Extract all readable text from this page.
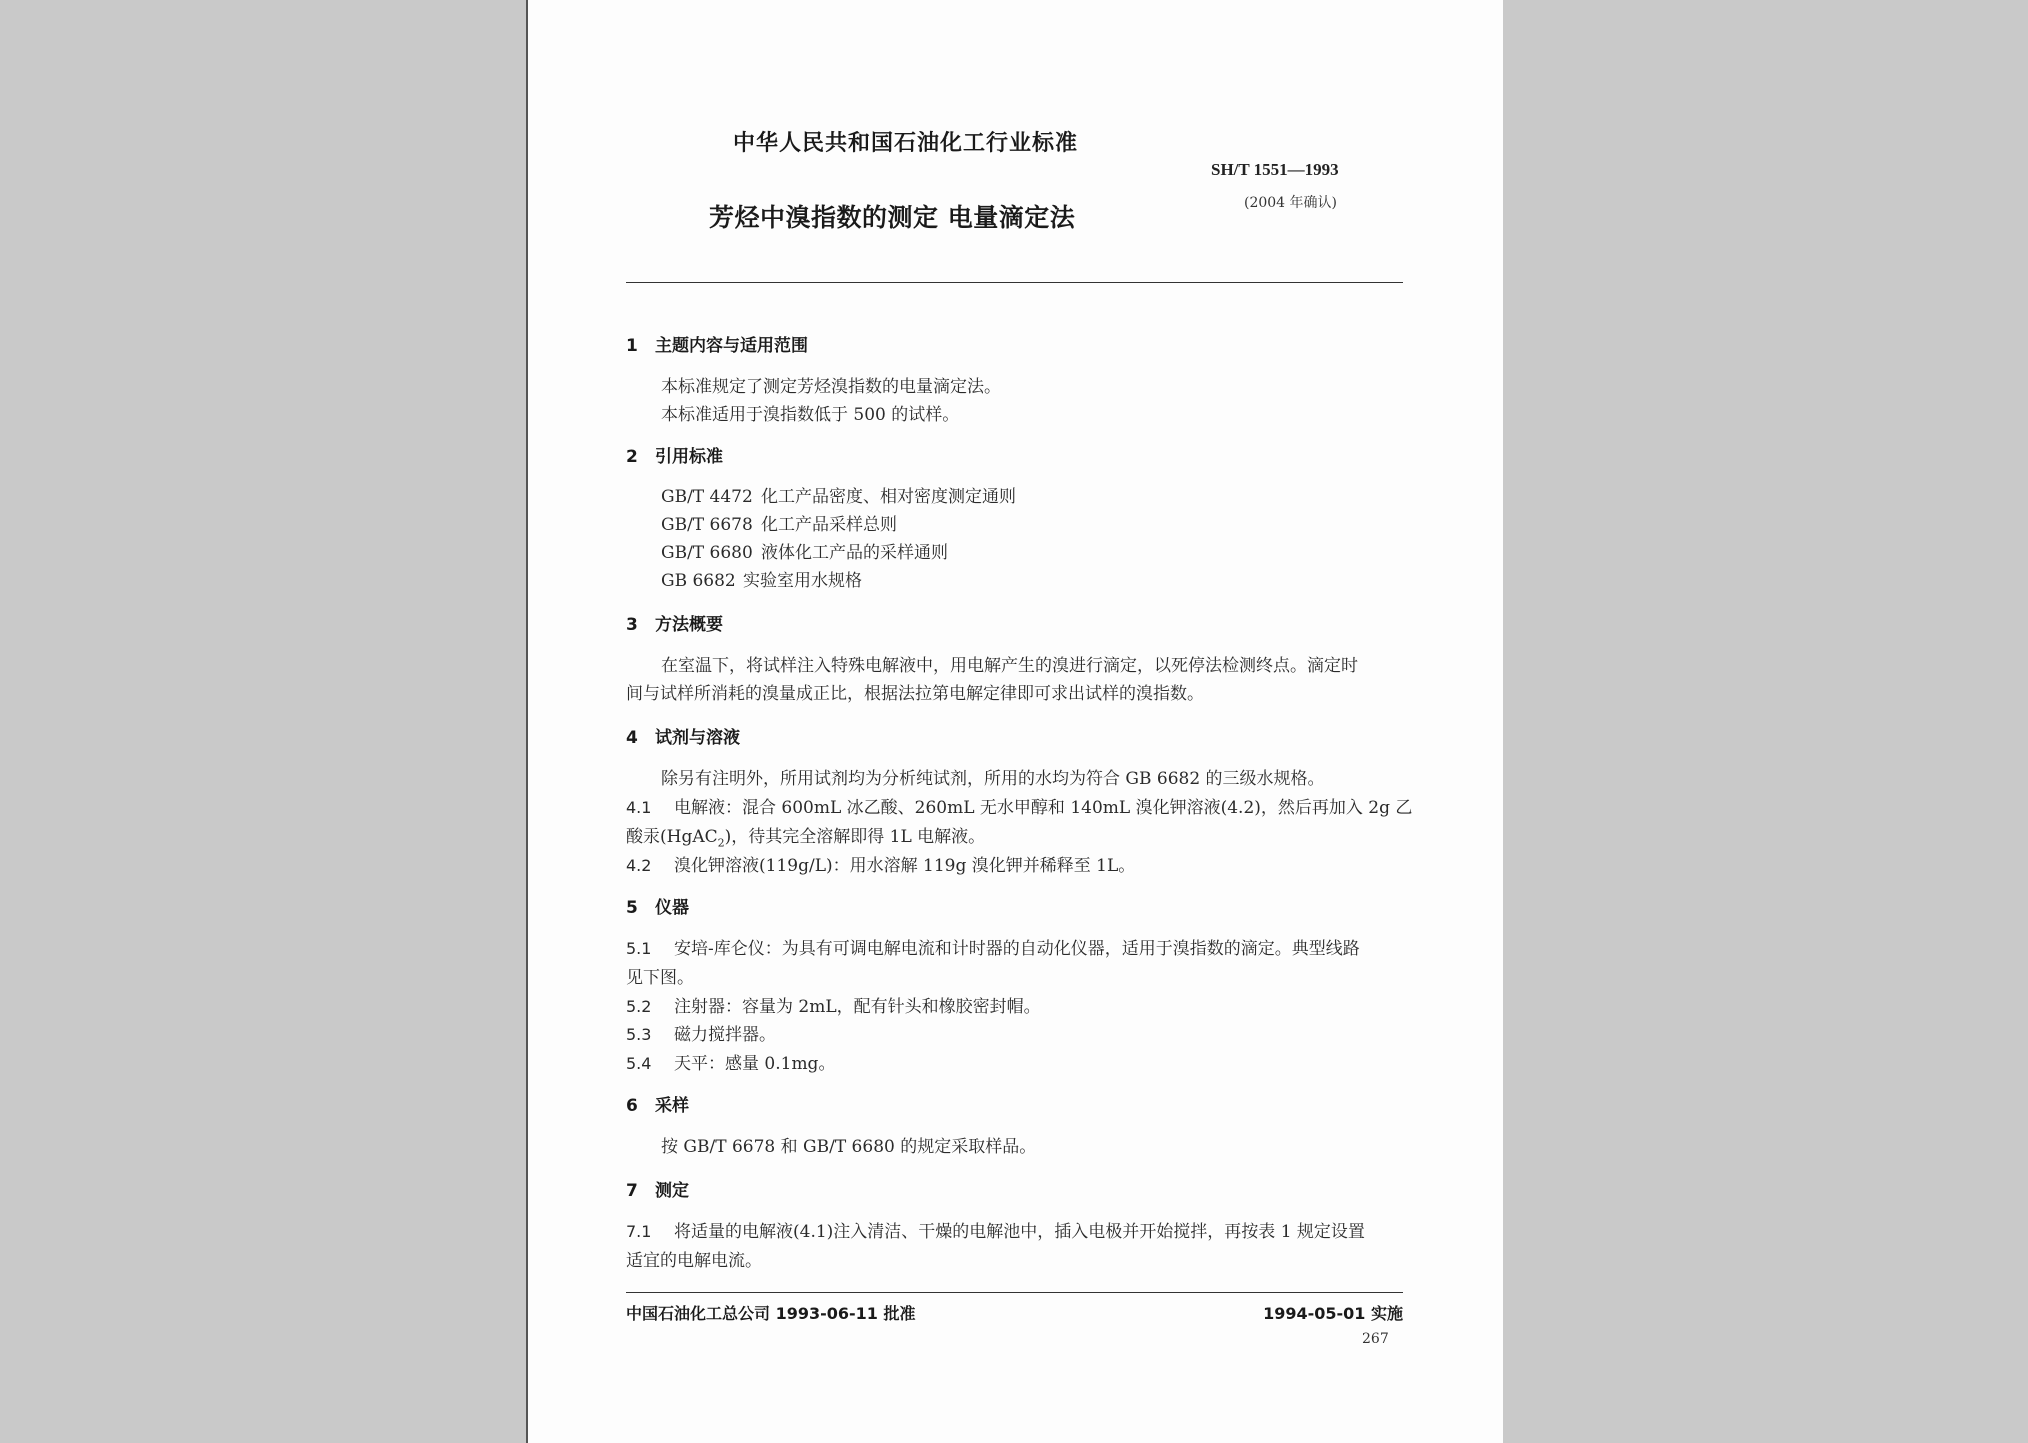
中华人民共和国石油化工行业标准
SH/T 1551—1993
(2004 年确认)
芳烃中溴指数的测定 电量滴定法
1 主题内容与适用范围
本标准规定了测定芳烃溴指数的电量滴定法。
本标准适用于溴指数低于 500 的试样。
2 引用标准
GB/T 4472 化工产品密度、相对密度测定通则
GB/T 6678 化工产品采样总则
GB/T 6680 液体化工产品的采样通则
GB 6682 实验室用水规格
3 方法概要
在室温下，将试样注入特殊电解液中，用电解产生的溴进行滴定，以死停法检测终点。滴定时
间与试样所消耗的溴量成正比，根据法拉第电解定律即可求出试样的溴指数。
4 试剂与溶液
除另有注明外，所用试剂均为分析纯试剂，所用的水均为符合 GB 6682 的三级水规格。
4.1 电解液：混合 600mL 冰乙酸、260mL 无水甲醇和 140mL 溴化钾溶液(4.2)，然后再加入 2g 乙
酸汞(HgAC$_2$)，待其完全溶解即得 1L 电解液。
4.2 溴化钾溶液(119g/L)：用水溶解 119g 溴化钾并稀释至 1L。
5 仪器
5.1 安培-库仑仪：为具有可调电解电流和计时器的自动化仪器，适用于溴指数的滴定。典型线路
见下图。
5.2 注射器：容量为 2mL，配有针头和橡胶密封帽。
5.3 磁力搅拌器。
5.4 天平：感量 0.1mg。
6 采样
按 GB/T 6678 和 GB/T 6680 的规定采取样品。
7 测定
7.1 将适量的电解液(4.1)注入清洁、干燥的电解池中，插入电极并开始搅拌，再按表 1 规定设置
适宜的电解电流。
中国石油化工总公司 1993-06-11 批准	1994-05-01 实施
267
